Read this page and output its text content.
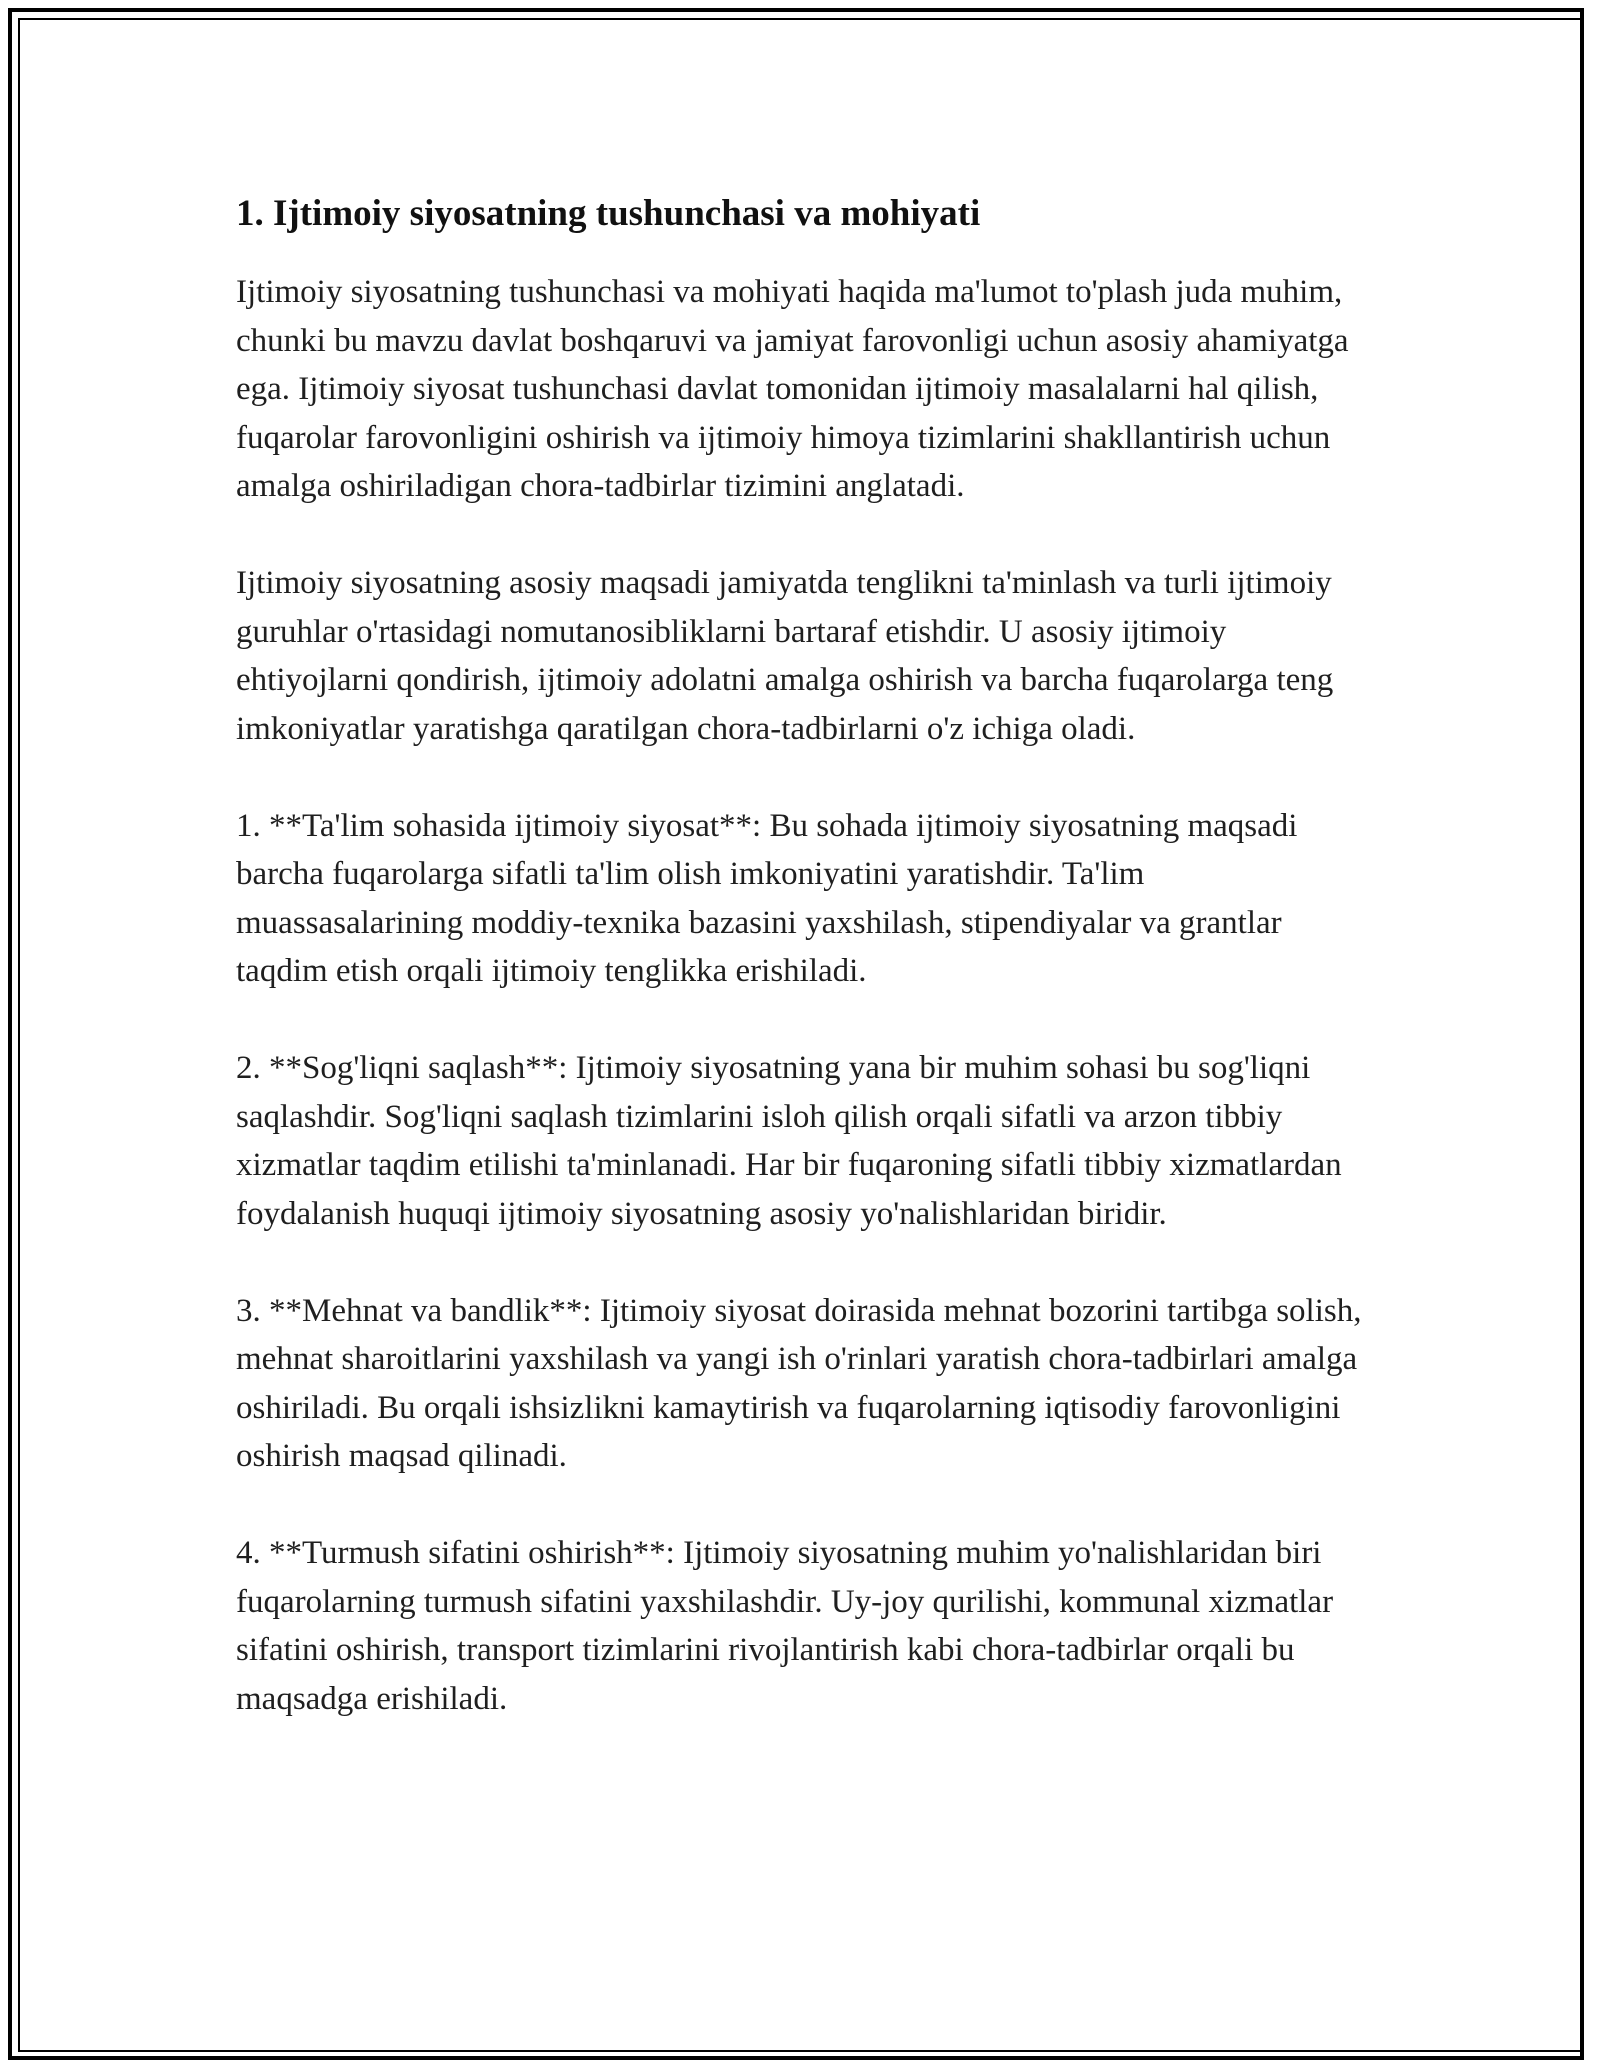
1. Ijtimoiy siyosatning tushunchasi va mohiyati

Ijtimoiy siyosatning tushunchasi va mohiyati haqida ma'lumot to'plash juda muhim, chunki bu mavzu davlat boshqaruvi va jamiyat farovonligi uchun asosiy ahamiyatga ega. Ijtimoiy siyosat tushunchasi davlat tomonidan ijtimoiy masalalarni hal qilish, fuqarolar farovonligini oshirish va ijtimoiy himoya tizimlarini shakllantirish uchun amalga oshiriladigan chora-tadbirlar tizimini anglatadi.

Ijtimoiy siyosatning asosiy maqsadi jamiyatda tenglikni ta'minlash va turli ijtimoiy guruhlar o'rtasidagi nomutanosibliklarni bartaraf etishdir. U asosiy ijtimoiy ehtiyojlarni qondirish, ijtimoiy adolatni amalga oshirish va barcha fuqarolarga teng imkoniyatlar yaratishga qaratilgan chora-tadbirlarni o'z ichiga oladi.

1. **Ta'lim sohasida ijtimoiy siyosat**: Bu sohada ijtimoiy siyosatning maqsadi barcha fuqarolarga sifatli ta'lim olish imkoniyatini yaratishdir. Ta'lim muassasalarining moddiy-texnika bazasini yaxshilash, stipendiyalar va grantlar taqdim etish orqali ijtimoiy tenglikka erishiladi.

2. **Sog'liqni saqlash**: Ijtimoiy siyosatning yana bir muhim sohasi bu sog'liqni saqlashdir. Sog'liqni saqlash tizimlarini isloh qilish orqali sifatli va arzon tibbiy xizmatlar taqdim etilishi ta'minlanadi. Har bir fuqaroning sifatli tibbiy xizmatlardan foydalanish huquqi ijtimoiy siyosatning asosiy yo'nalishlaridan biridir.

3. **Mehnat va bandlik**: Ijtimoiy siyosat doirasida mehnat bozorini tartibga solish, mehnat sharoitlarini yaxshilash va yangi ish o'rinlari yaratish chora-tadbirlari amalga oshiriladi. Bu orqali ishsizlikni kamaytirish va fuqarolarning iqtisodiy farovonligini oshirish maqsad qilinadi.

4. **Turmush sifatini oshirish**: Ijtimoiy siyosatning muhim yo'nalishlaridan biri fuqarolarning turmush sifatini yaxshilashdir. Uy-joy qurilishi, kommunal xizmatlar sifatini oshirish, transport tizimlarini rivojlantirish kabi chora-tadbirlar orqali bu maqsadga erishiladi.
